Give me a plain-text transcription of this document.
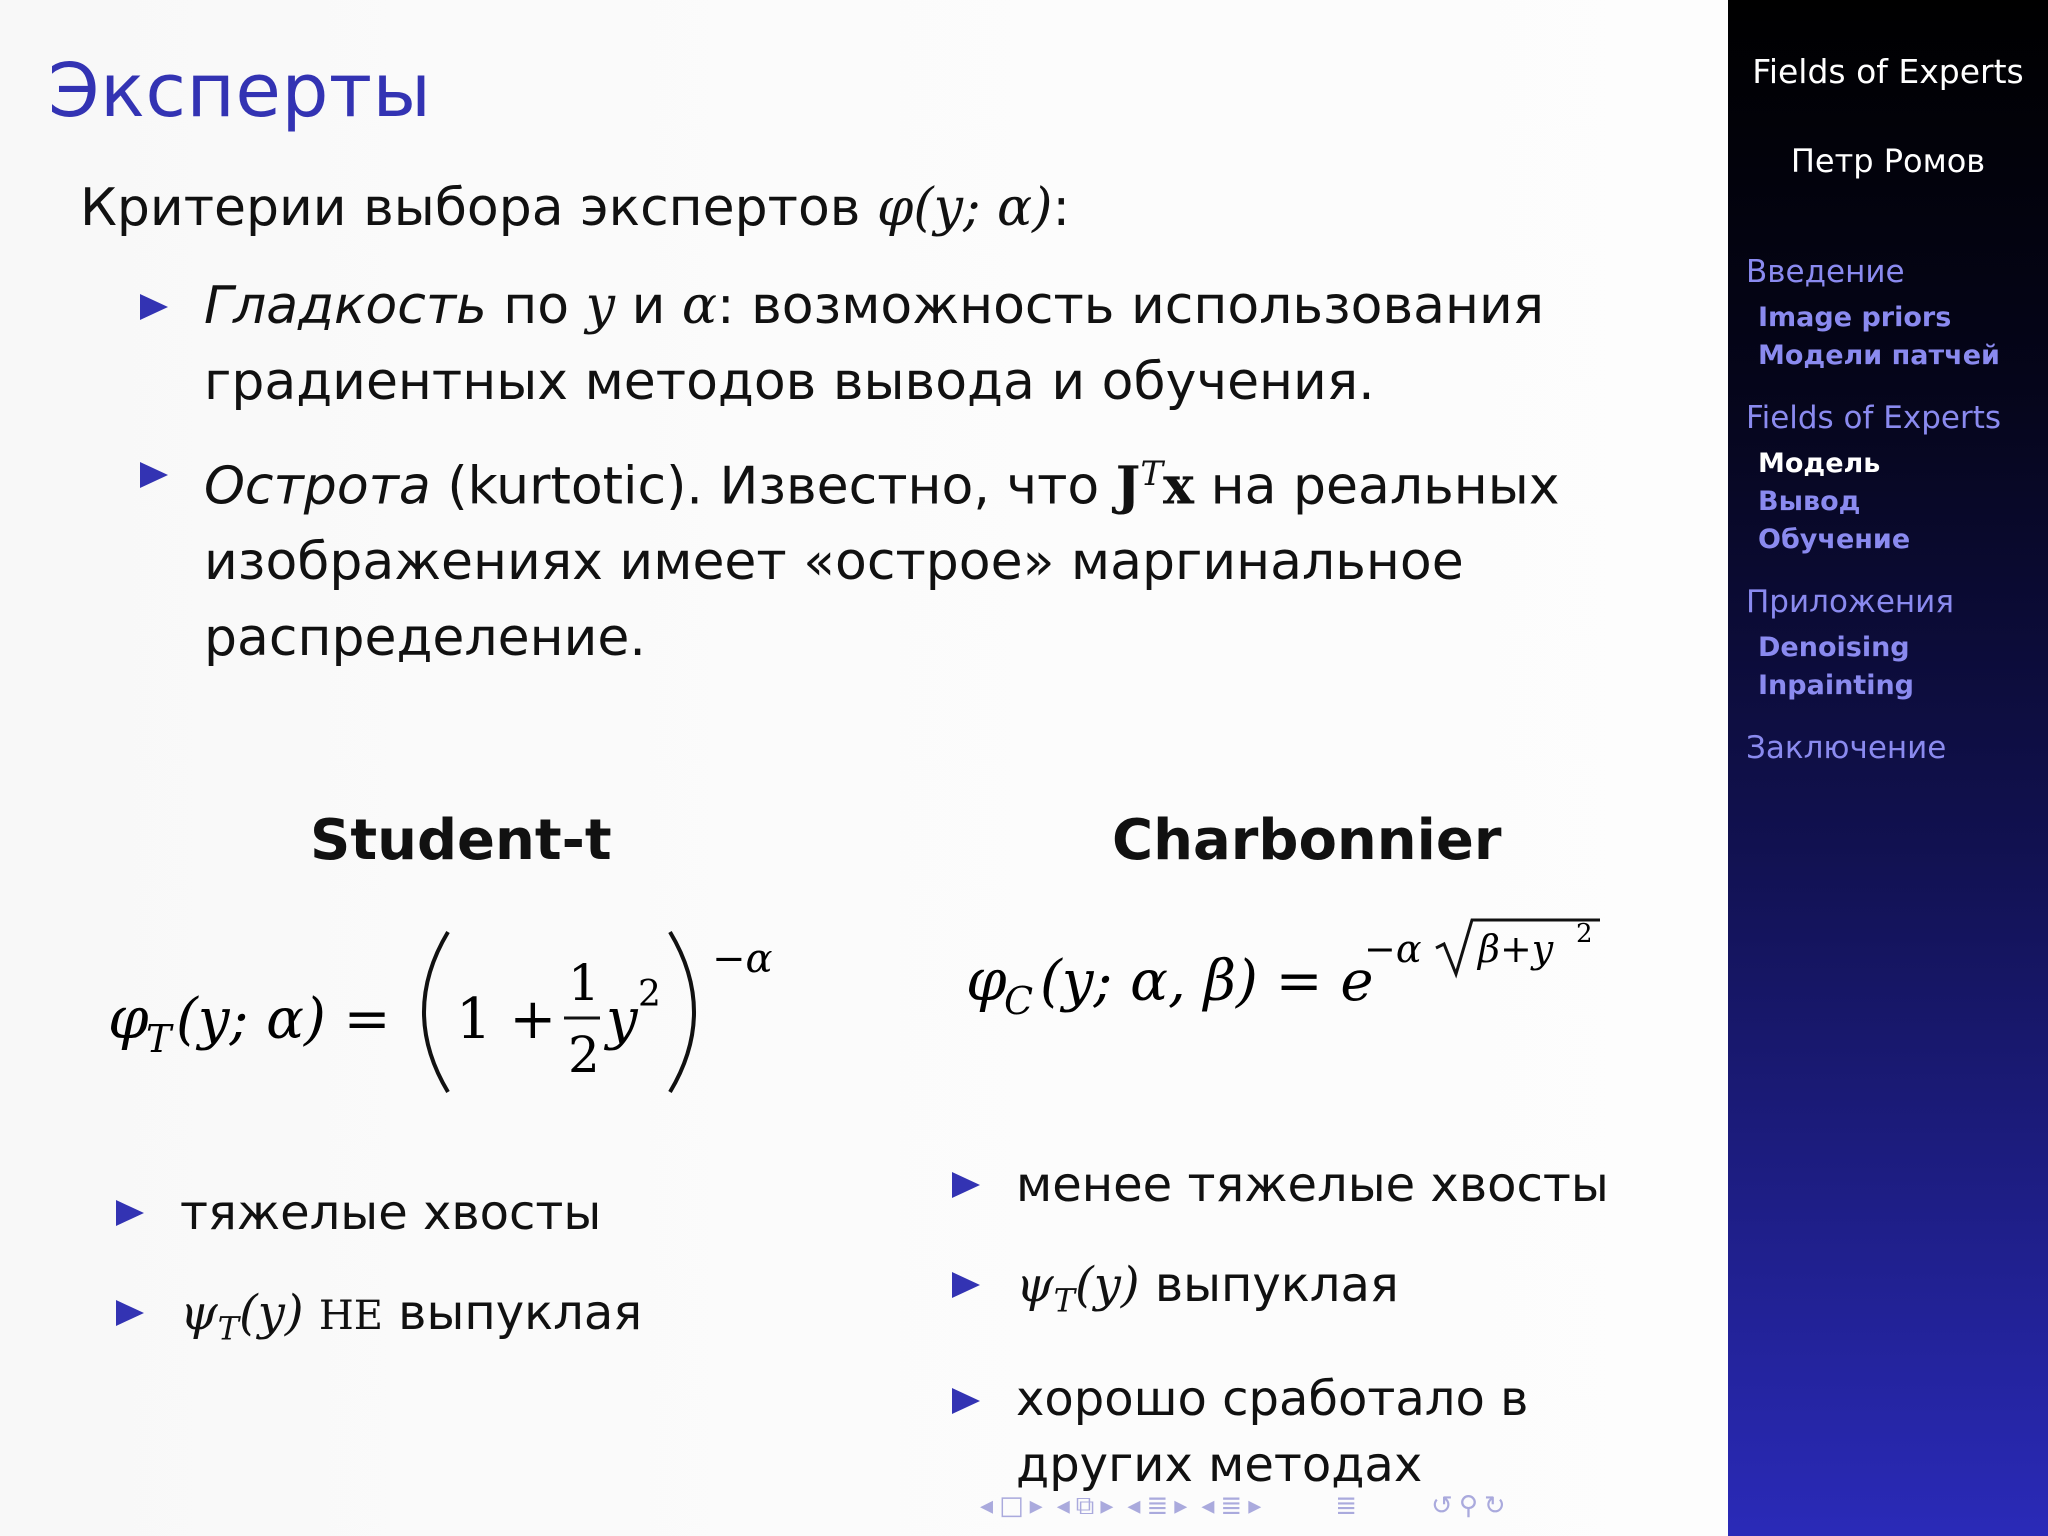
Эксперты
Критерии выбора экспертов φ(y; α):
Гладкость по y и α: возможность использования
градиентных методов вывода и обучения.
Острота (kurtotic). Известно, что $J^Tx$ на реальных
изображениях имеет «острое» маргинальное
распределение.
Student-t
φ
T (y; α) = 1 +
1
2
y 2
−α
тяжелые хвосты
$\psi_T(y)$ НЕ выпуклая
Charbonnier
φ
C (y; α, β) = e
−α β+y 2
менее тяжелые хвосты
$\psi_T(y)$ выпуклая
хорошо сработало в
других методах
◂ □ ▸ ◂ ⧉ ▸ ◂ ≣ ▸ ◂ ≣ ▸	≣	↺ ⚲ ↻
Fields of Experts
Петр Ромов
Введение
Image priors
Модели патчей
Fields of Experts
Модель
Вывод
Обучение
Приложения
Denoising
Inpainting
Заключение
